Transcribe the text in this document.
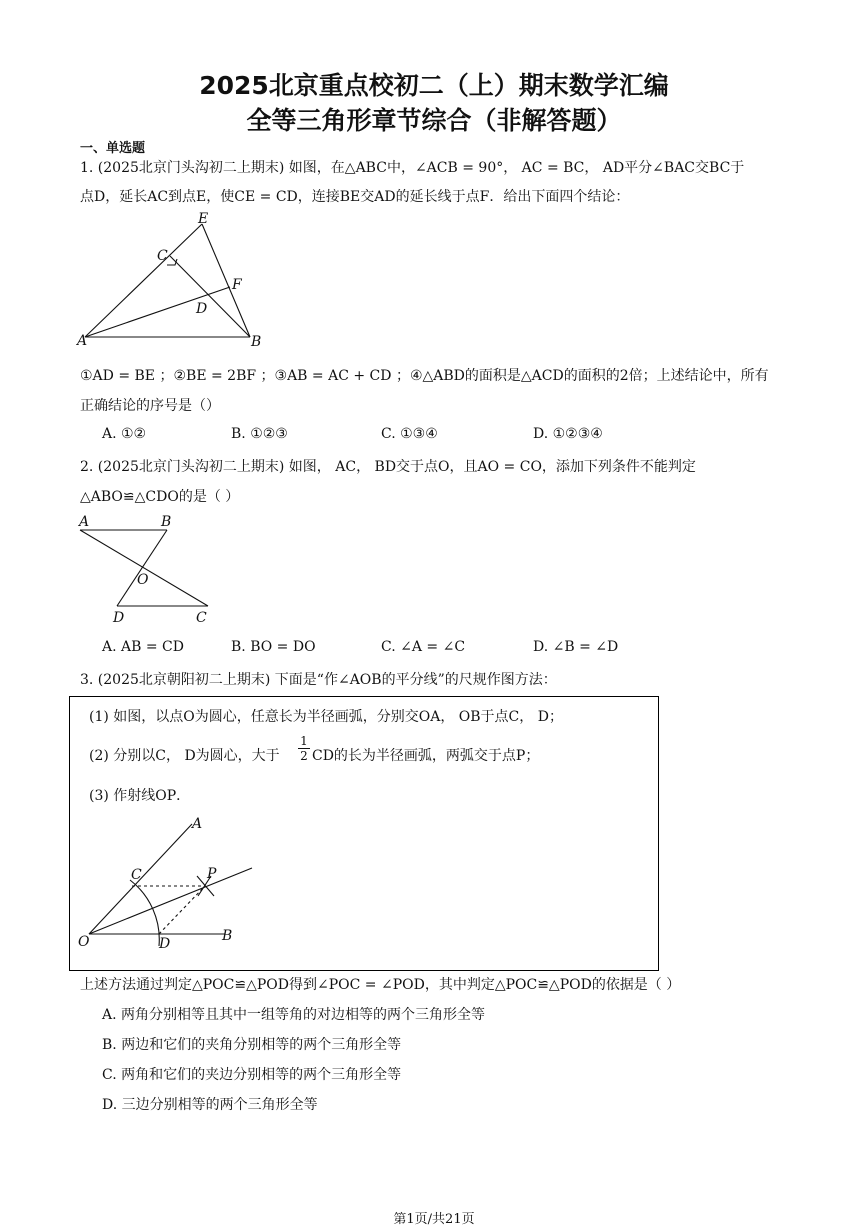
2025北京重点校初二（上）期末数学汇编
全等三角形章节综合（非解答题）
一、单选题
1. (2025北京门头沟初二上期末) 如图，在△ABC中，∠ACB = 90°， AC = BC， AD平分∠BAC交BC于
点D，延长AC到点E，使CE = CD，连接BE交AD的延长线于点F．给出下面四个结论：
E
C
F
D
A	B
①AD = BE ；②BE = 2BF ；③AB = AC + CD ；④△ABD的面积是△ACD的面积的2倍；上述结论中，所有
正确结论的序号是（）
A. ①②	B. ①②③	C. ①③④	D. ①②③④
2. (2025北京门头沟初二上期末) 如图， AC， BD交于点O，且AO = CO，添加下列条件不能判定
△ABO≌△CDO的是（ ）
A	B
O
D	C
A. AB = CD	B. BO = DO	C. ∠A = ∠C	D. ∠B = ∠D
3. (2025北京朝阳初二上期末) 下面是“作∠AOB的平分线”的尺规作图方法：
(1) 如图，以点O为圆心，任意长为半径画弧，分别交OA， OB于点C， D；
(2) 分别以C， D为圆心，大于 $\frac{1}{2}$ CD的长为半径画弧，两弧交于点P；
(3) 作射线OP．
A
C	P
O	D	B
上述方法通过判定△POC≌△POD得到∠POC = ∠POD，其中判定△POC≌△POD的依据是（ ）
A. 两角分别相等且其中一组等角的对边相等的两个三角形全等
B. 两边和它们的夹角分别相等的两个三角形全等
C. 两角和它们的夹边分别相等的两个三角形全等
D. 三边分别相等的两个三角形全等
第1页/共21页
